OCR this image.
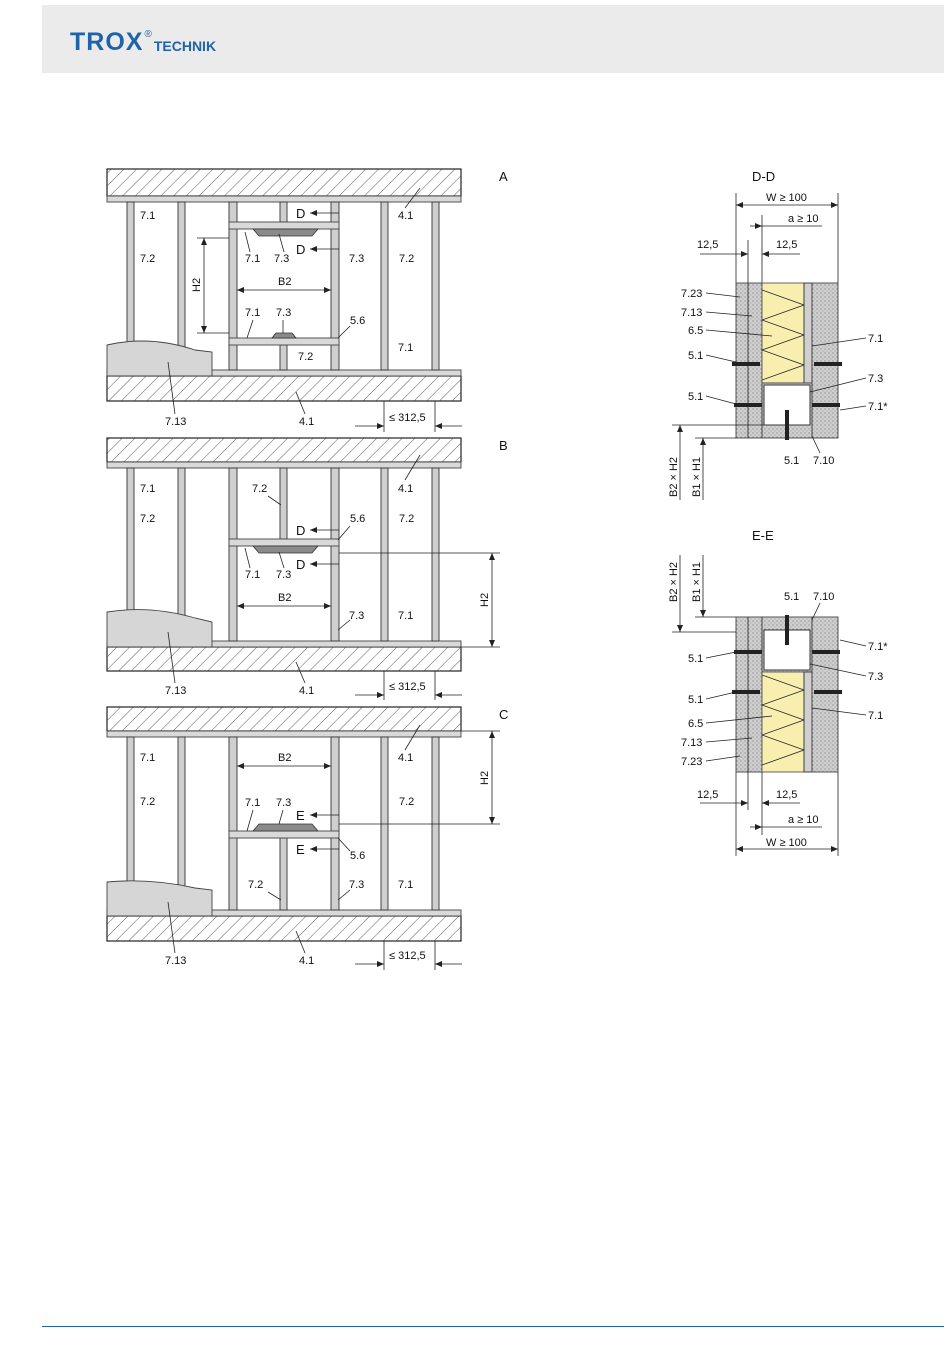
TROX ®
TECHNIK
B2
H2
≤ 312,5
D
D
7.1
7.2	7.1 7.3	7.3	7.2
7.1 7.3
5.6
7.2
4.1
7.1
7.13	4.1
A
B2	H2
≤ 312,5
D
D
7.1
7.2
7.2
5.6
7.1 7.3
7.2
7.3	7.1
4.1
7.13	4.1
B
B2
H2
≤ 312,5
E
E
7.1
7.2	7.1 7.3
5.6
7.2
7.2	7.3	7.1
4.1
7.13	4.1
C
D-D
W ≥ 100
a ≥ 10
12,5	12,5
7.23
7.13
6.5
5.1
5.1
7.1
7.3
7.1*
5.1 7.10
B2 × H2 B1 × H1
E-E
B2 × H2 B1 × H1	5.1 7.10
7.1*
5.1
7.3
5.1
7.1
6.5
7.13
7.23
12,5	12,5
a ≥ 10
W ≥ 100
